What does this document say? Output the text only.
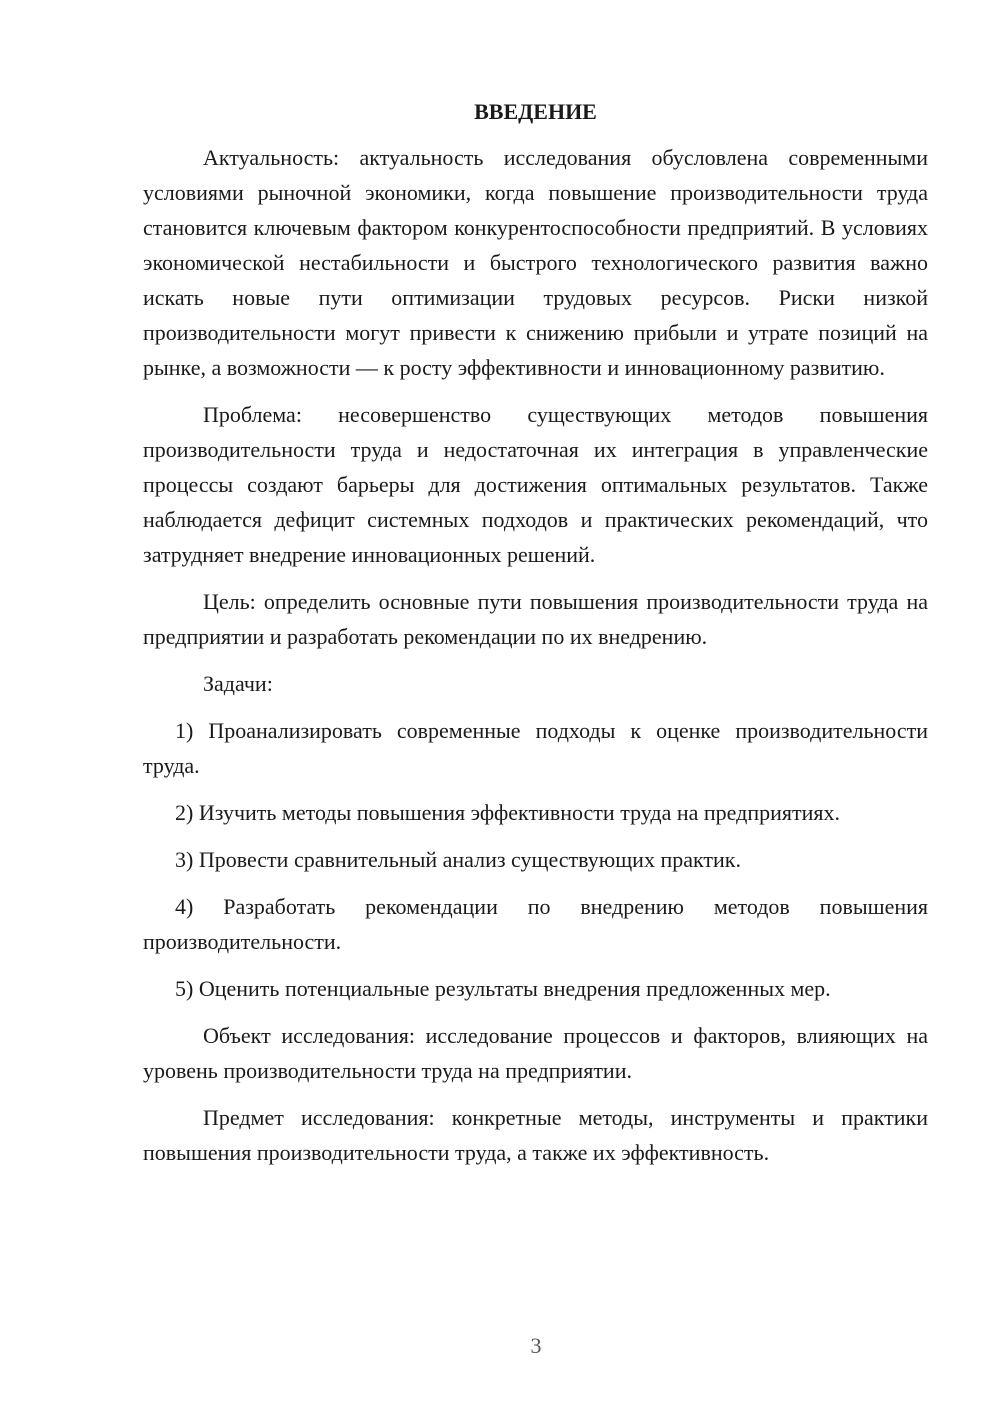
ВВЕДЕНИЕ

Актуальность: актуальность исследования обусловлена современными условиями рыночной экономики, когда повышение производительности труда становится ключевым фактором конкурентоспособности предприятий. В условиях экономической нестабильности и быстрого технологического развития важно искать новые пути оптимизации трудовых ресурсов. Риски низкой производительности могут привести к снижению прибыли и утрате позиций на рынке, а возможности — к росту эффективности и инновационному развитию.

Проблема: несовершенство существующих методов повышения производительности труда и недостаточная их интеграция в управленческие процессы создают барьеры для достижения оптимальных результатов. Также наблюдается дефицит системных подходов и практических рекомендаций, что затрудняет внедрение инновационных решений.

Цель: определить основные пути повышения производительности труда на предприятии и разработать рекомендации по их внедрению.

Задачи:

1) Проанализировать современные подходы к оценке производительности труда.

2) Изучить методы повышения эффективности труда на предприятиях.

3) Провести сравнительный анализ существующих практик.

4) Разработать рекомендации по внедрению методов повышения производительности.

5) Оценить потенциальные результаты внедрения предложенных мер.

Объект исследования: исследование процессов и факторов, влияющих на уровень производительности труда на предприятии.

Предмет исследования: конкретные методы, инструменты и практики повышения производительности труда, а также их эффективность.

3
